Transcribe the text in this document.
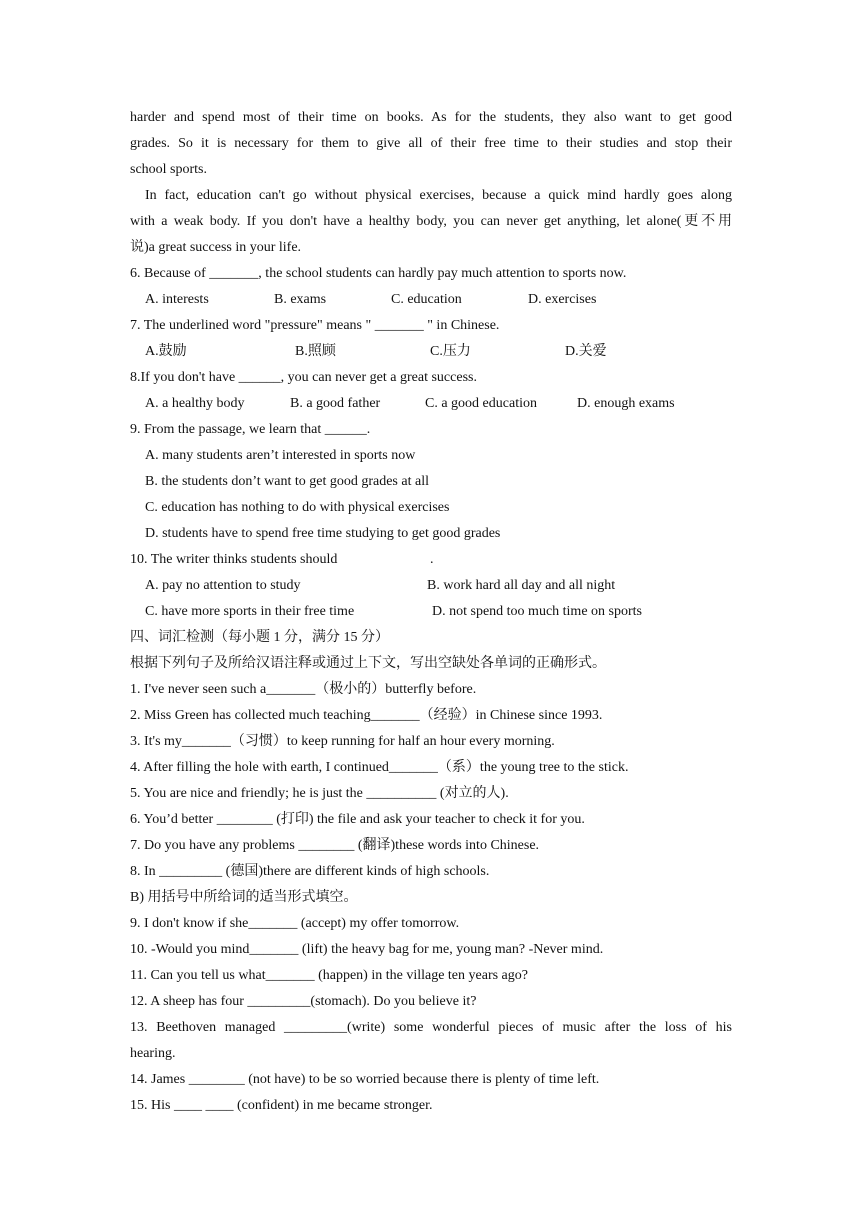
harder and spend most of their time on books. As for the students, they also want to get good
grades. So it is necessary for them to give all of their free time to their studies and stop their
school sports.
In fact, education can't go without physical exercises, because a quick mind hardly goes along
with a weak body. If you don't have a healthy body, you can never get anything, let alone(更不用
说)a great success in your life.
6. Because of _______, the school students can hardly pay much attention to sports now.
A. interests	B. exams	C. education	D. exercises
7. The underlined word "pressure" means " _______ " in Chinese.
A.鼓励	B.照顾	C.压力	D.关爱
8.If you don't have ______, you can never get a great success.
A. a healthy body	B. a good father	C. a good education	D. enough exams
9. From the passage, we learn that ______.
A. many students aren’t interested in sports now
B. the students don’t want to get good grades at all
C. education has nothing to do with physical exercises
D. students have to spend free time studying to get good grades
10. The writer thinks students should	.
A. pay no attention to study	B. work hard all day and all night
C. have more sports in their free time	D. not spend too much time on sports
四、词汇检测（每小题 1 分，满分 15 分）
根据下列句子及所给汉语注释或通过上下文，写出空缺处各单词的正确形式。
1. I've never seen such a_______（极小的）butterfly before.
2. Miss Green has collected much teaching_______（经验）in Chinese since 1993.
3. It's my_______（习惯）to keep running for half an hour every morning.
4. After filling the hole with earth, I continued_______（系）the young tree to the stick.
5. You are nice and friendly; he is just the __________ (对立的人).
6. You’d better ________ (打印) the file and ask your teacher to check it for you.
7. Do you have any problems ________ (翻译)these words into Chinese.
8. In _________ (德国)there are different kinds of high schools.
B) 用括号中所给词的适当形式填空。
9. I don't know if she_______ (accept) my offer tomorrow.
10. -Would you mind_______ (lift) the heavy bag for me, young man? -Never mind.
11. Can you tell us what_______ (happen) in the village ten years ago?
12. A sheep has four _________(stomach). Do you believe it?
13. Beethoven managed _________(write) some wonderful pieces of music after the loss of his
hearing.
14. James ________ (not have) to be so worried because there is plenty of time left.
15. His ____ ____ (confident) in me became stronger.
